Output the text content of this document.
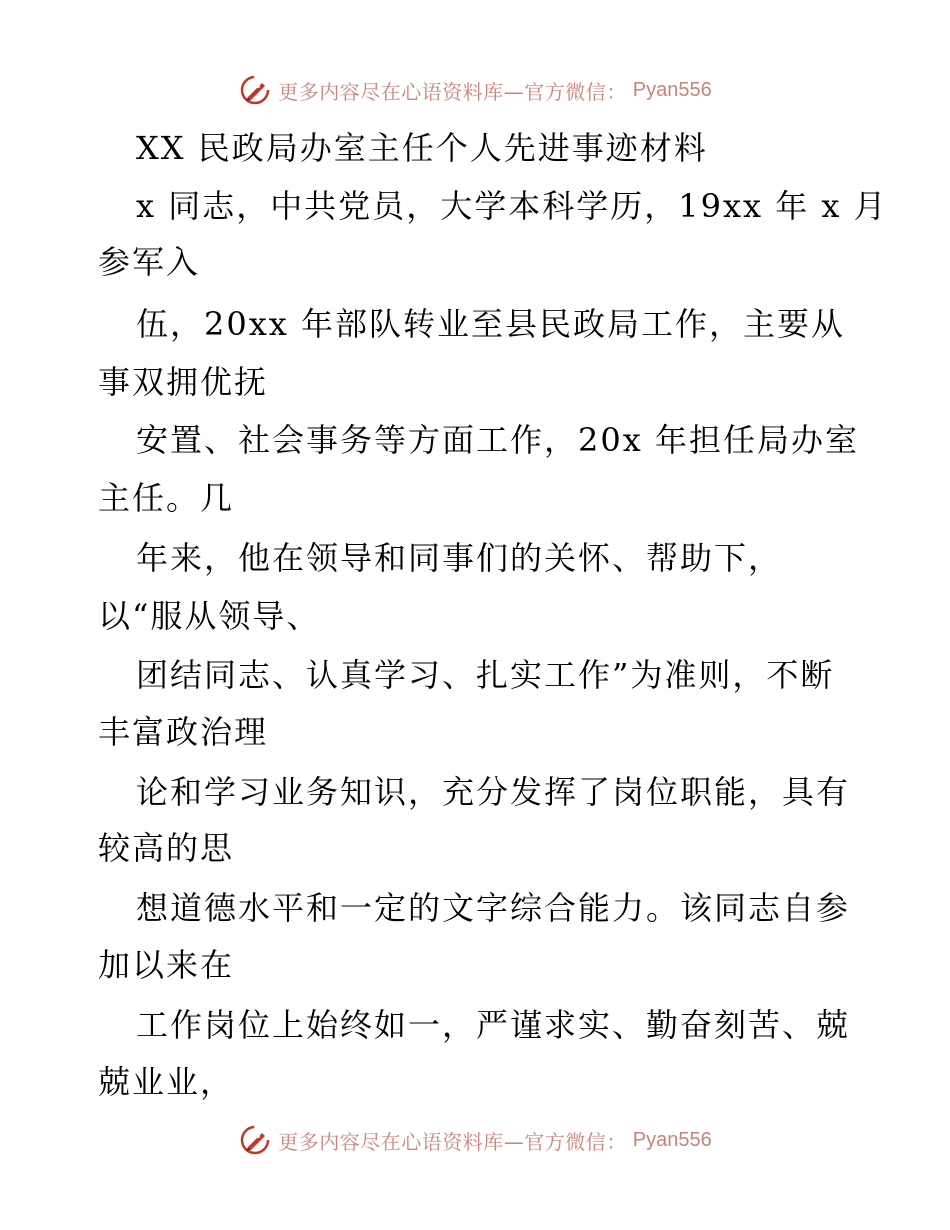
更多内容尽在心语资料库—官方微信： Pyan556
XX 民政局办室主任个人先进事迹材料
x 同志，中共党员，大学本科学历，19xx 年 x 月
参军入
伍，20xx 年部队转业至县民政局工作，主要从
事双拥优抚
安置、社会事务等方面工作，20x 年担任局办室
主任。几
年来，他在领导和同事们的关怀、帮助下，
以“服从领导、
团结同志、认真学习、扎实工作”为准则，不断
丰富政治理
论和学习业务知识，充分发挥了岗位职能，具有
较高的思
想道德水平和一定的文字综合能力。该同志自参
加以来在
工作岗位上始终如一，严谨求实、勤奋刻苦、兢
兢业业，
更多内容尽在心语资料库—官方微信： Pyan556
